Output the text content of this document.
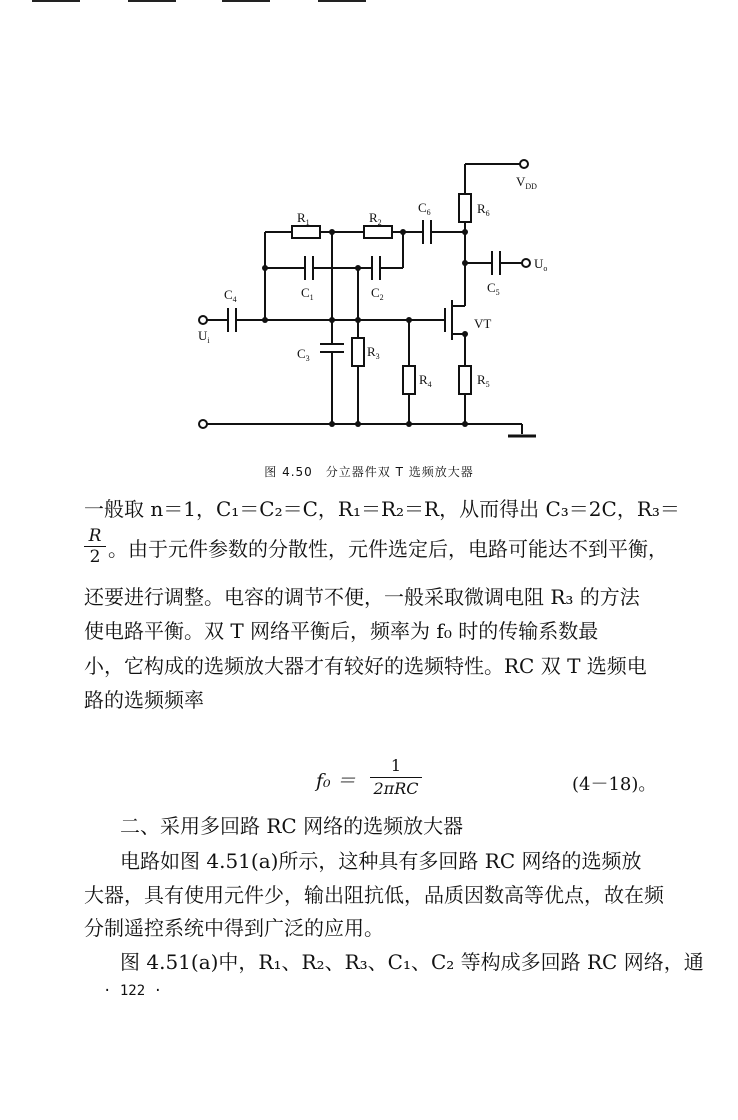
$V_{DD}$
$R_1$	$R_2$
$C_6$	$R_6$
$U_o$
$C_5$
$C_1$	$C_2$
$C_4$
$U_i$
VT
$C_3$	$R_3$
$R_4$	$R_5$
图 4.50　分立器件双 T 选频放大器
一般取 n＝1，C₁＝C₂＝C，R₁＝R₂＝R，从而得出 C₃＝2C，R₃＝
$\frac{R}{2}$ 。由于元件参数的分散性，元件选定后，电路可能达不到平衡，
还要进行调整。电容的调节不便，一般采取微调电阻 R₃ 的方法
使电路平衡。双 T 网络平衡后，频率为 f₀ 时的传输系数最
小，它构成的选频放大器才有较好的选频特性。RC 双 T 选频电
路的选频频率
f₀ ＝
1
2πRC	(4－18)。
二、采用多回路 RC 网络的选频放大器
电路如图 4.51(a)所示，这种具有多回路 RC 网络的选频放
大器，具有使用元件少，输出阻抗低，品质因数高等优点，故在频
分制遥控系统中得到广泛的应用。
图 4.51(a)中，R₁、R₂、R₃、C₁、C₂ 等构成多回路 RC 网络，通
· 122 ·
